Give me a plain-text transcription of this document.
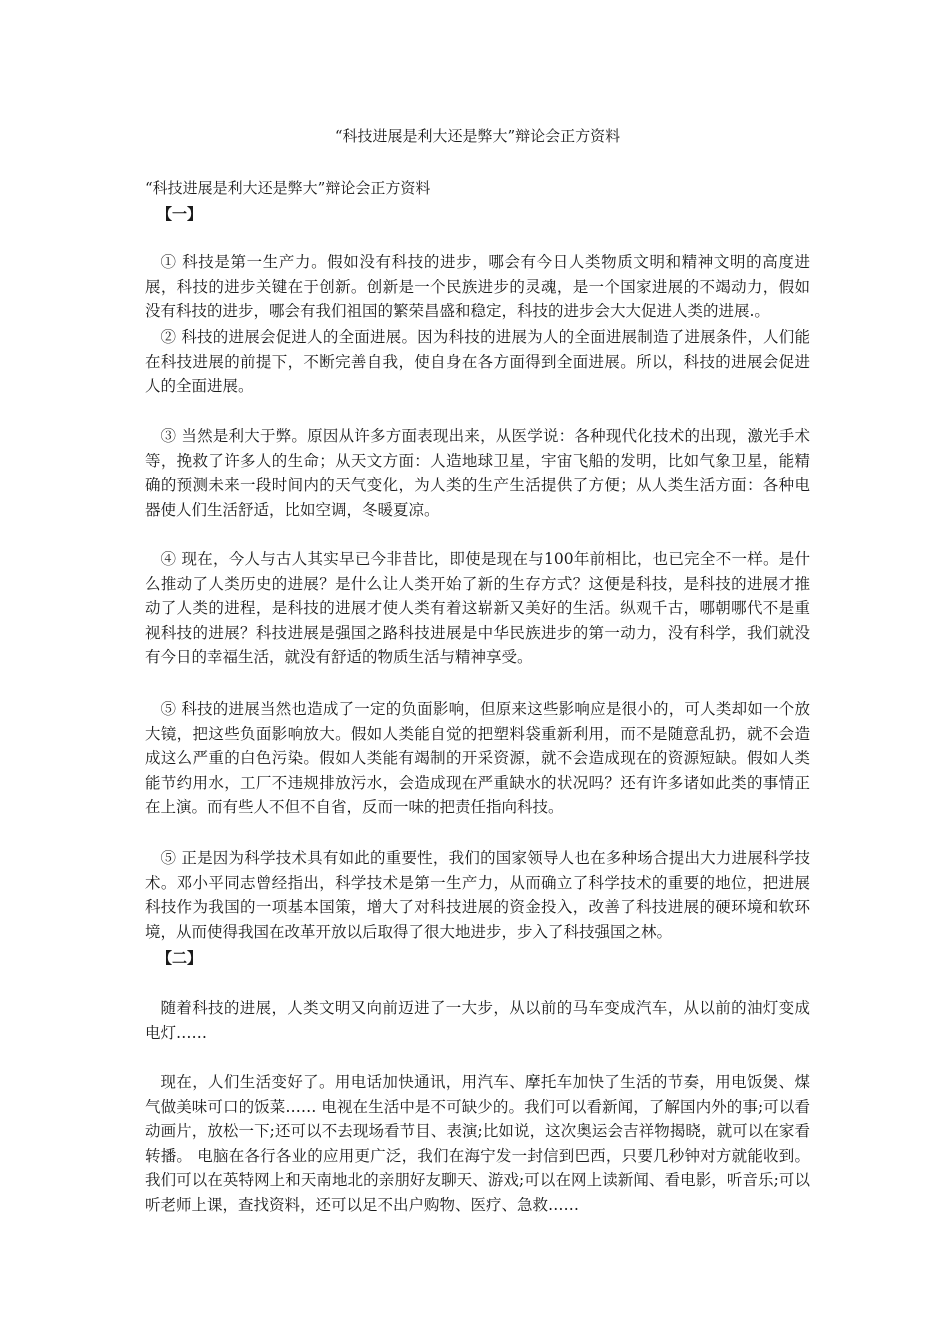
“科技进展是利大还是弊大”辩论会正方资料
“科技进展是利大还是弊大”辩论会正方资料
【一】

① 科技是第一生产力。假如没有科技的进步，哪会有今日人类物质文明和精神文明的高度进展，科技的进步关键在于创新。创新是一个民族进步的灵魂，是一个国家进展的不竭动力，假如没有科技的进步，哪会有我们祖国的繁荣昌盛和稳定，科技的进步会大大促进人类的进展.。

② 科技的进展会促进人的全面进展。因为科技的进展为人的全面进展制造了进展条件，人们能在科技进展的前提下，不断完善自我，使自身在各方面得到全面进展。所以，科技的进展会促进人的全面进展。

③ 当然是利大于弊。原因从许多方面表现出来，从医学说：各种现代化技术的出现，激光手术等，挽救了许多人的生命；从天文方面：人造地球卫星，宇宙飞船的发明，比如气象卫星，能精确的预测未来一段时间内的天气变化，为人类的生产生活提供了方便；从人类生活方面：各种电器使人们生活舒适，比如空调，冬暖夏凉。

④ 现在，今人与古人其实早已今非昔比，即使是现在与100年前相比，也已完全不一样。是什么推动了人类历史的进展？是什么让人类开始了新的生存方式？这便是科技，是科技的进展才推动了人类的进程，是科技的进展才使人类有着这崭新又美好的生活。纵观千古，哪朝哪代不是重视科技的进展？科技进展是强国之路科技进展是中华民族进步的第一动力，没有科学，我们就没有今日的幸福生活，就没有舒适的物质生活与精神享受。

⑤ 科技的进展当然也造成了一定的负面影响，但原来这些影响应是很小的，可人类却如一个放大镜，把这些负面影响放大。假如人类能自觉的把塑料袋重新利用，而不是随意乱扔，就不会造成这么严重的白色污染。假如人类能有竭制的开采资源，就不会造成现在的资源短缺。假如人类能节约用水，工厂不违规排放污水，会造成现在严重缺水的状况吗？还有许多诸如此类的事情正在上演。而有些人不但不自省，反而一味的把责任指向科技。

⑤ 正是因为科学技术具有如此的重要性，我们的国家领导人也在多种场合提出大力进展科学技术。邓小平同志曾经指出，科学技术是第一生产力，从而确立了科学技术的重要的地位，把进展科技作为我国的一项基本国策，增大了对科技进展的资金投入，改善了科技进展的硬环境和软环境，从而使得我国在改革开放以后取得了很大地进步，步入了科技强国之林。

【二】

随着科技的进展，人类文明又向前迈进了一大步，从以前的马车变成汽车，从以前的油灯变成电灯……

现在，人们生活变好了。用电话加快通讯，用汽车、摩托车加快了生活的节奏，用电饭煲、煤气做美味可口的饭菜…… 电视在生活中是不可缺少的。我们可以看新闻，了解国内外的事;可以看动画片，放松一下;还可以不去现场看节目、表演;比如说，这次奥运会吉祥物揭晓，就可以在家看转播。 电脑在各行各业的应用更广泛，我们在海宁发一封信到巴西，只要几秒钟对方就能收到。我们可以在英特网上和天南地北的亲朋好友聊天、游戏;可以在网上读新闻、看电影，听音乐;可以听老师上课，查找资料，还可以足不出户购物、医疗、急救……
